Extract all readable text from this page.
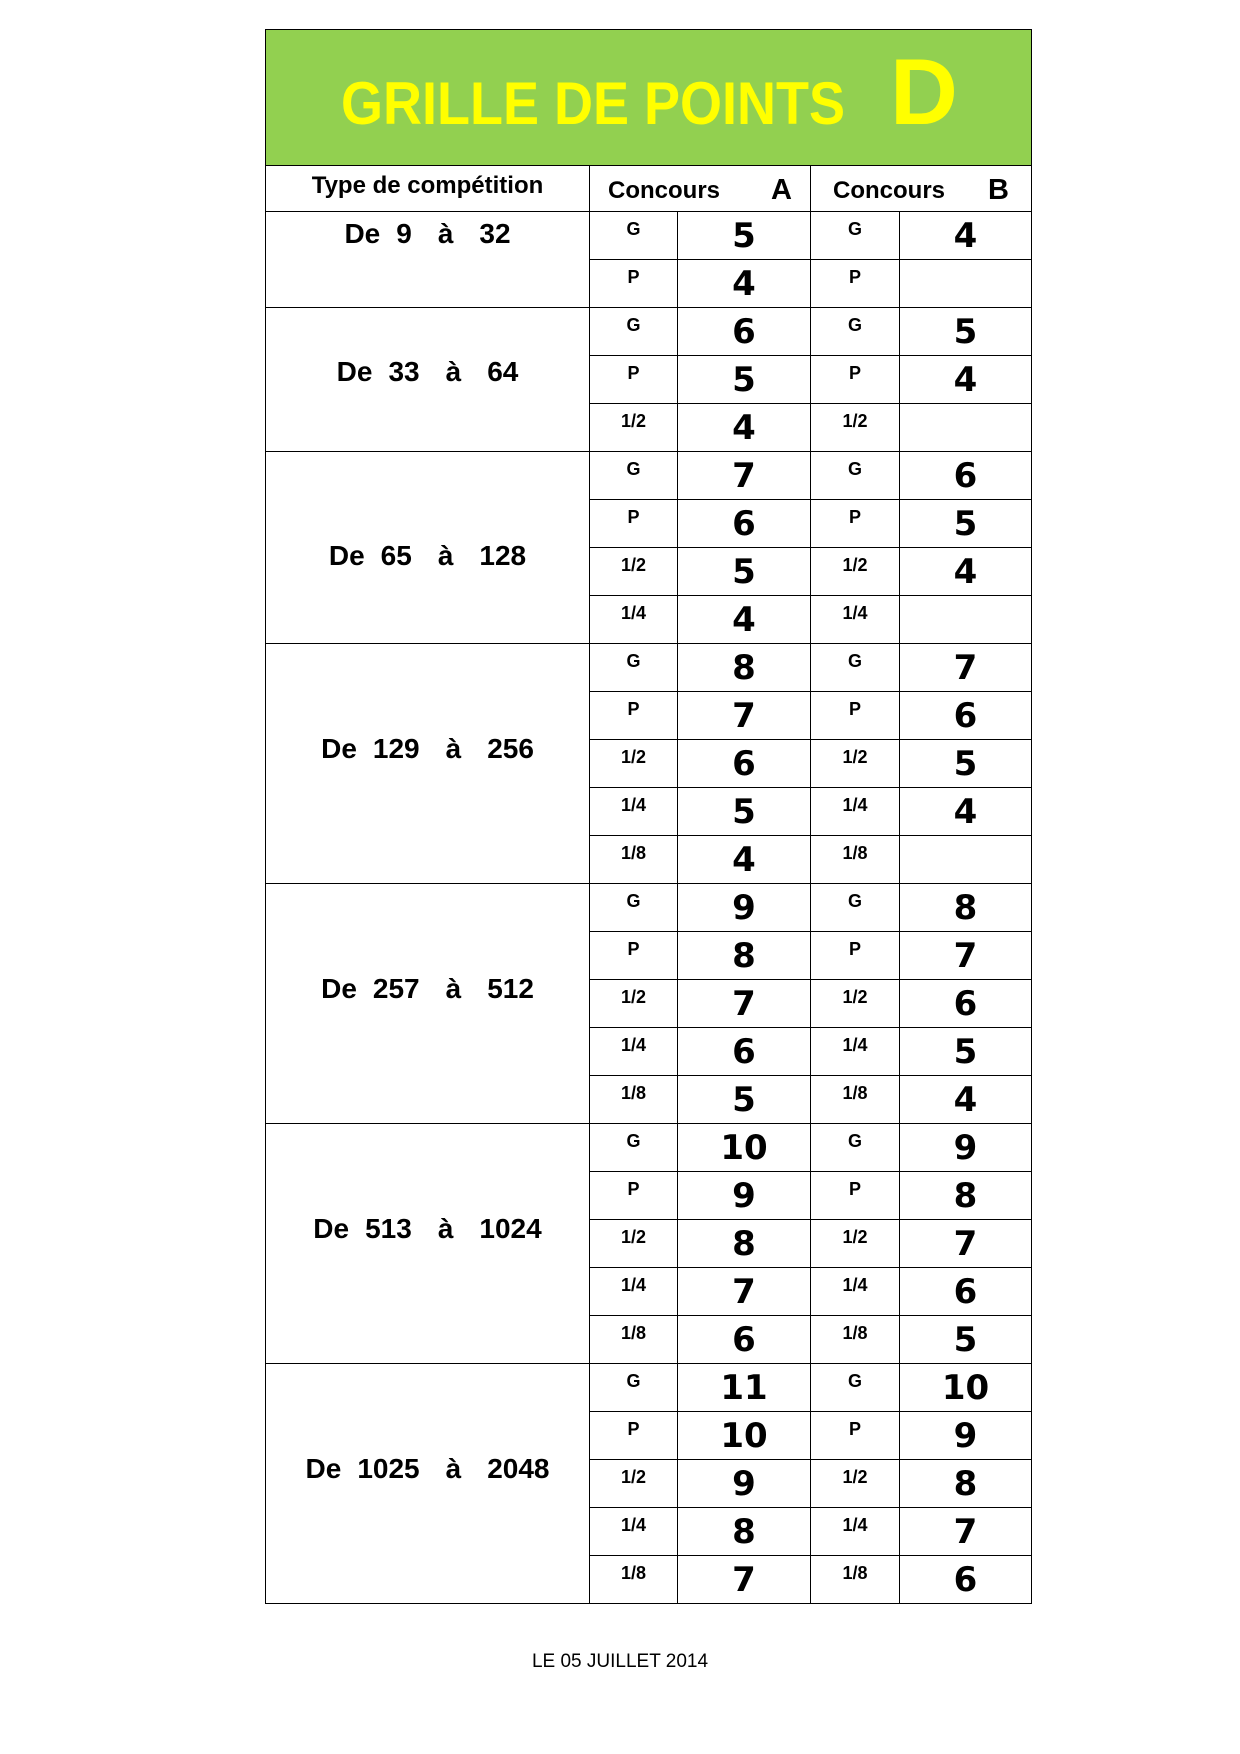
GRILLE DE POINTS D
Type de compétition	Concours A Concours B
De 9 à 32	G	5	G	4
P	4	P
De 33 à 64
G	6	G	5
P	5	P	4
1/2	4	1/2
De 65 à 128
G	7	G	6
P	6	P	5
1/2	5	1/2	4
1/4	4	1/4
De 129 à 256
G	8	G	7
P	7	P	6
1/2	6	1/2	5
1/4	5	1/4	4
1/8	4	1/8
De 257 à 512
G	9	G	8
P	8	P	7
1/2	7	1/2	6
1/4	6	1/4	5
1/8	5	1/8	4
De 513 à 1024
G	10	G	9
P	9	P	8
1/2	8	1/2	7
1/4	7	1/4	6
1/8	6	1/8	5
De 1025 à 2048
G	11	G	10
P	10	P	9
1/2	9	1/2	8
1/4	8	1/4	7
1/8	7	1/8	6
LE 05 JUILLET 2014
